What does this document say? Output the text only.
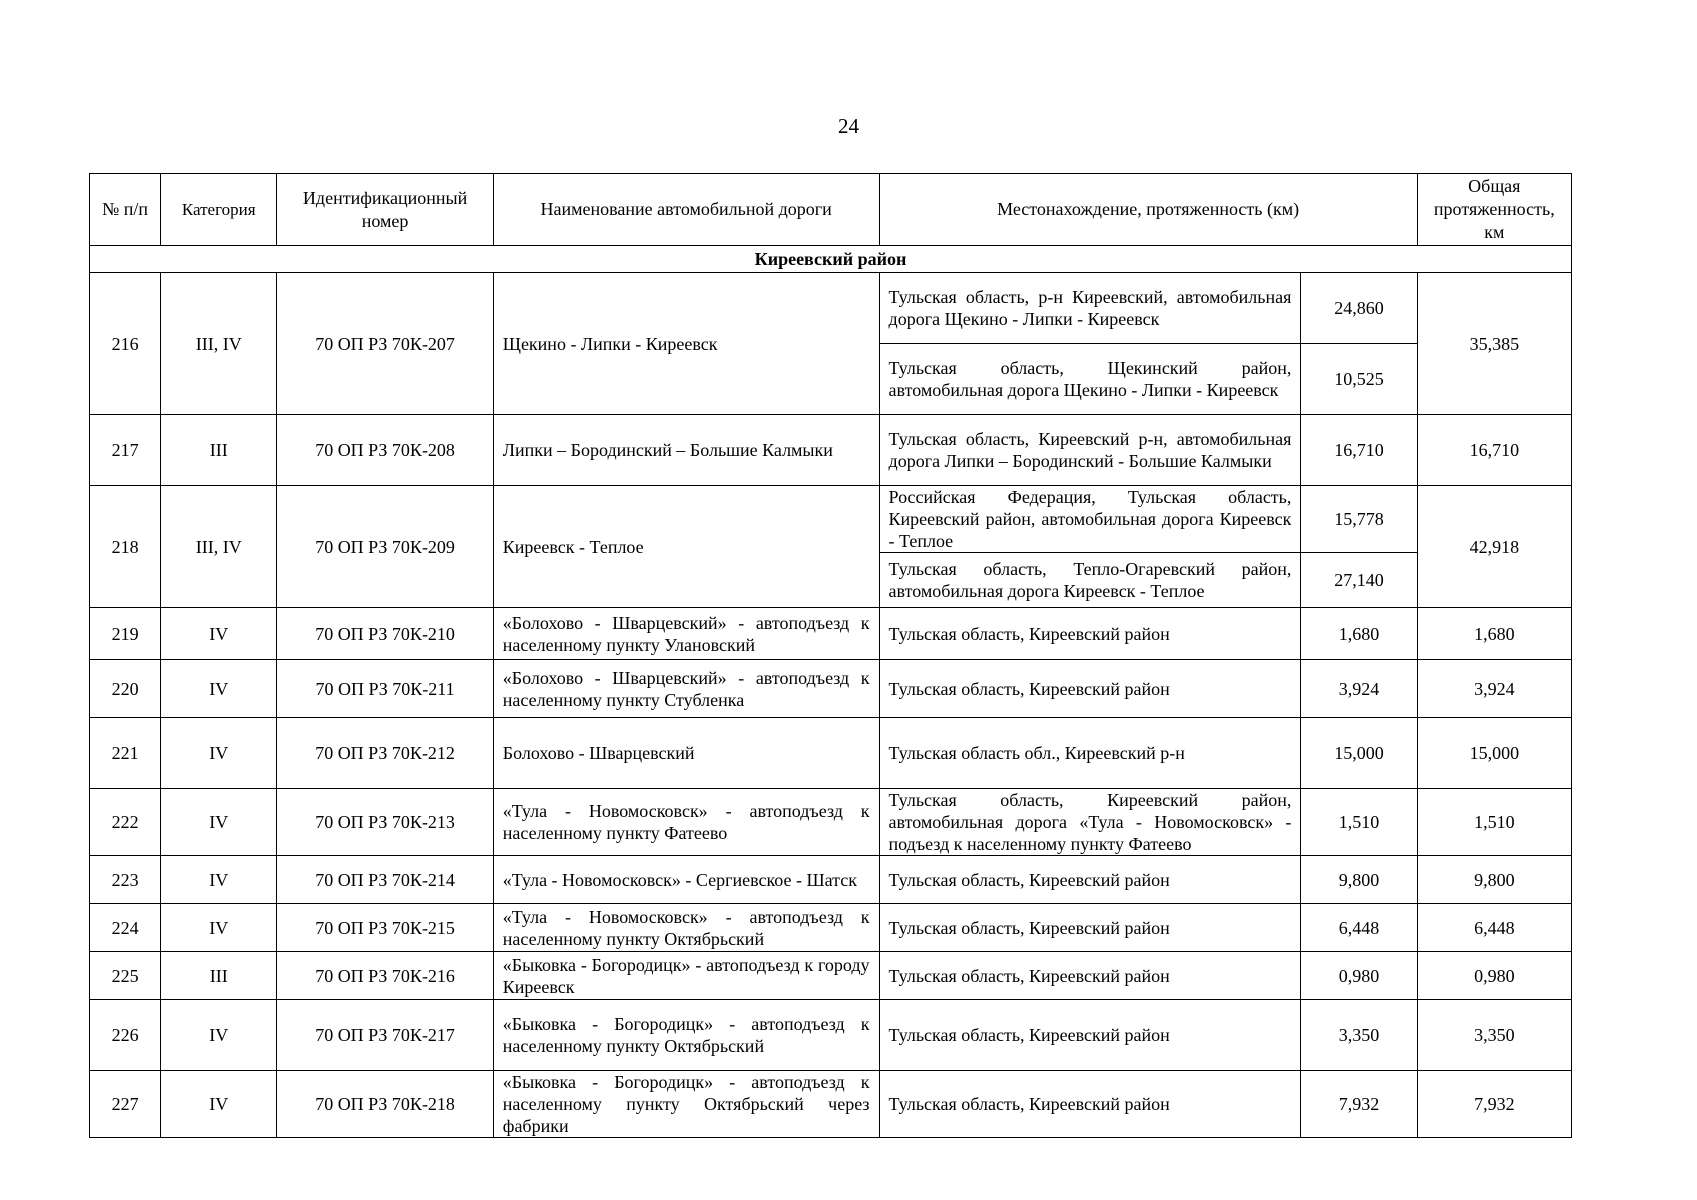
24
№ п/п	Категория	Идентификационный номер	Наименование автомобильной дороги	Местонахождение, протяженность (км)		Общая протяженность, км
Киреевский район						
216	III, IV	70 ОП РЗ 70К-207	Щекино - Липки - Киреевск	Тульская область, р-н Киреевский, автомобильная дорога Щекино - Липки - Киреевск	24,860	35,385
				Тульская область, Щекинский район, автомобильная дорога Щекино - Липки - Киреевск	10,525	
217	III	70 ОП РЗ 70К-208	Липки – Бородинский – Большие Калмыки	Тульская область, Киреевский р-н, автомобильная дорога Липки – Бородинский - Большие Калмыки	16,710	16,710
218	III, IV	70 ОП РЗ 70К-209	Киреевск - Теплое	Российская Федерация, Тульская область, Киреевский район, автомобильная дорога Киреевск - Теплое	15,778	42,918
				Тульская область, Тепло-Огаревский район, автомобильная дорога Киреевск - Теплое	27,140	
219	IV	70 ОП РЗ 70К-210	«Болохово - Шварцевский» - автоподъезд к населенному пункту Улановский	Тульская область, Киреевский район	1,680	1,680
220	IV	70 ОП РЗ 70К-211	«Болохово - Шварцевский» - автоподъезд к населенному пункту Стубленка	Тульская область, Киреевский район	3,924	3,924
221	IV	70 ОП РЗ 70К-212	Болохово - Шварцевский	Тульская область обл., Киреевский р-н	15,000	15,000
222	IV	70 ОП РЗ 70К-213	«Тула - Новомосковск» - автоподъезд к населенному пункту Фатеево	Тульская область, Киреевский район, автомобильная дорога «Тула - Новомосковск» - подъезд к населенному пункту Фатеево	1,510	1,510
223	IV	70 ОП РЗ 70К-214	«Тула - Новомосковск» - Сергиевское - Шатск	Тульская область, Киреевский район	9,800	9,800
224	IV	70 ОП РЗ 70К-215	«Тула - Новомосковск» - автоподъезд к населенному пункту Октябрьский	Тульская область, Киреевский район	6,448	6,448
225	III	70 ОП РЗ 70К-216	«Быковка - Богородицк» - автоподъезд к городу Киреевск	Тульская область, Киреевский район	0,980	0,980
226	IV	70 ОП РЗ 70К-217	«Быковка - Богородицк» - автоподъезд к населенному пункту Октябрьский	Тульская область, Киреевский район	3,350	3,350
227	IV	70 ОП РЗ 70К-218	«Быковка - Богородицк» - автоподъезд к населенному пункту Октябрьский через фабрики	Тульская область, Киреевский район	7,932	7,932
